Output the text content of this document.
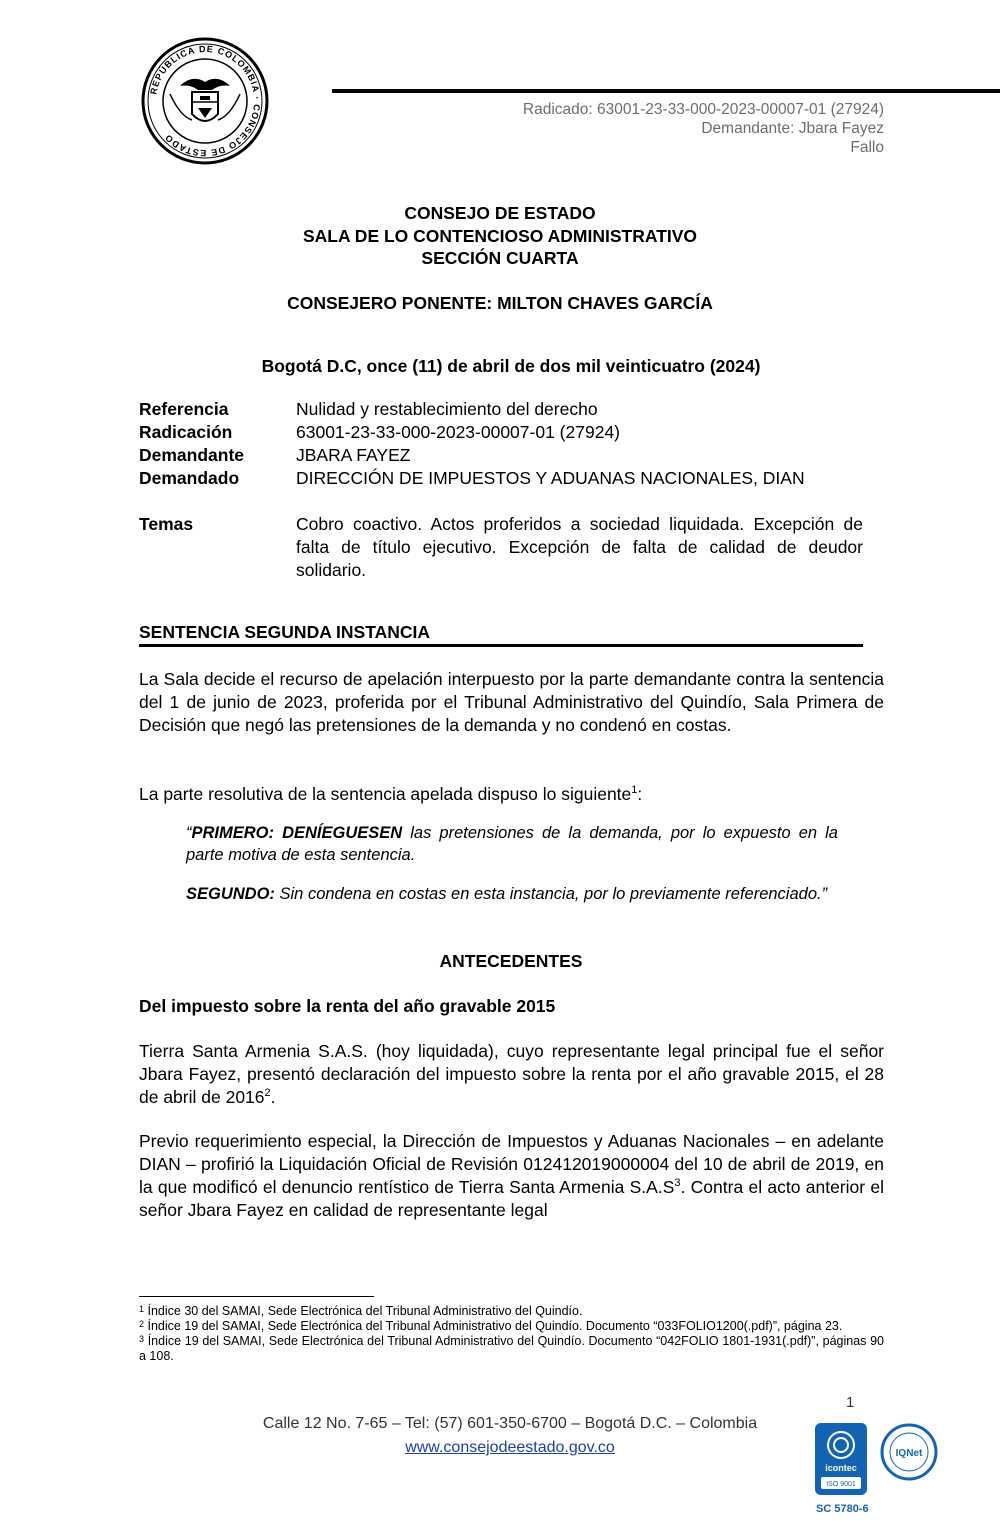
REPÚBLICA DE COLOMBIA · CONSEJO DE ESTADO
Radicado: 63001-23-33-000-2023-00007-01 (27924)
Demandante: Jbara Fayez
Fallo
CONSEJO DE ESTADO
SALA DE LO CONTENCIOSO ADMINISTRATIVO
SECCIÓN CUARTA
CONSEJERO PONENTE: MILTON CHAVES GARCÍA
Bogotá D.C, once (11) de abril de dos mil veinticuatro (2024)
Referencia	Nulidad y restablecimiento del derecho
Radicación	63001-23-33-000-2023-00007-01 (27924)
Demandante	JBARA FAYEZ
Demandado	DIRECCIÓN DE IMPUESTOS Y ADUANAS NACIONALES, DIAN
Temas	Cobro coactivo. Actos proferidos a sociedad liquidada. Excepción de falta de título ejecutivo. Excepción de falta de calidad de deudor solidario.
SENTENCIA SEGUNDA INSTANCIA

La Sala decide el recurso de apelación interpuesto por la parte demandante contra la sentencia del 1 de junio de 2023, proferida por el Tribunal Administrativo del Quindío, Sala Primera de Decisión que negó las pretensiones de la demanda y no condenó en costas.

La parte resolutiva de la sentencia apelada dispuso lo siguiente$^1$:

“PRIMERO: DENÍEGUESEN las pretensiones de la demanda, por lo expuesto en la parte motiva de esta sentencia.

SEGUNDO: Sin condena en costas en esta instancia, por lo previamente referenciado.”

ANTECEDENTES
Del impuesto sobre la renta del año gravable 2015

Tierra Santa Armenia S.A.S. (hoy liquidada), cuyo representante legal principal fue el señor Jbara Fayez, presentó declaración del impuesto sobre la renta por el año gravable 2015, el 28 de abril de 2016$^2$.

Previo requerimiento especial, la Dirección de Impuestos y Aduanas Nacionales – en adelante DIAN – profirió la Liquidación Oficial de Revisión 012412019000004 del 10 de abril de 2019, en la que modificó el denuncio rentístico de Tierra Santa Armenia $S.A.S^3$. Contra el acto anterior el señor Jbara Fayez en calidad de representante legal

$^1$ Índice 30 del SAMAI, Sede Electrónica del Tribunal Administrativo del Quindío.
$^2$ Índice 19 del SAMAI, Sede Electrónica del Tribunal Administrativo del Quindío. Documento “033FOLIO1200(.pdf)”, página 23.
$^3$ Índice 19 del SAMAI, Sede Electrónica del Tribunal Administrativo del Quindío. Documento “042FOLIO 1801-1931(.pdf)”, páginas 90 a 108.
1
Calle 12 No. 7-65 – Tel: (57) 601-350-6700 – Bogotá D.C. – Colombia
www.consejodeestado.gov.co
icontec
ISO 9001
IQNet
SC 5780-6
